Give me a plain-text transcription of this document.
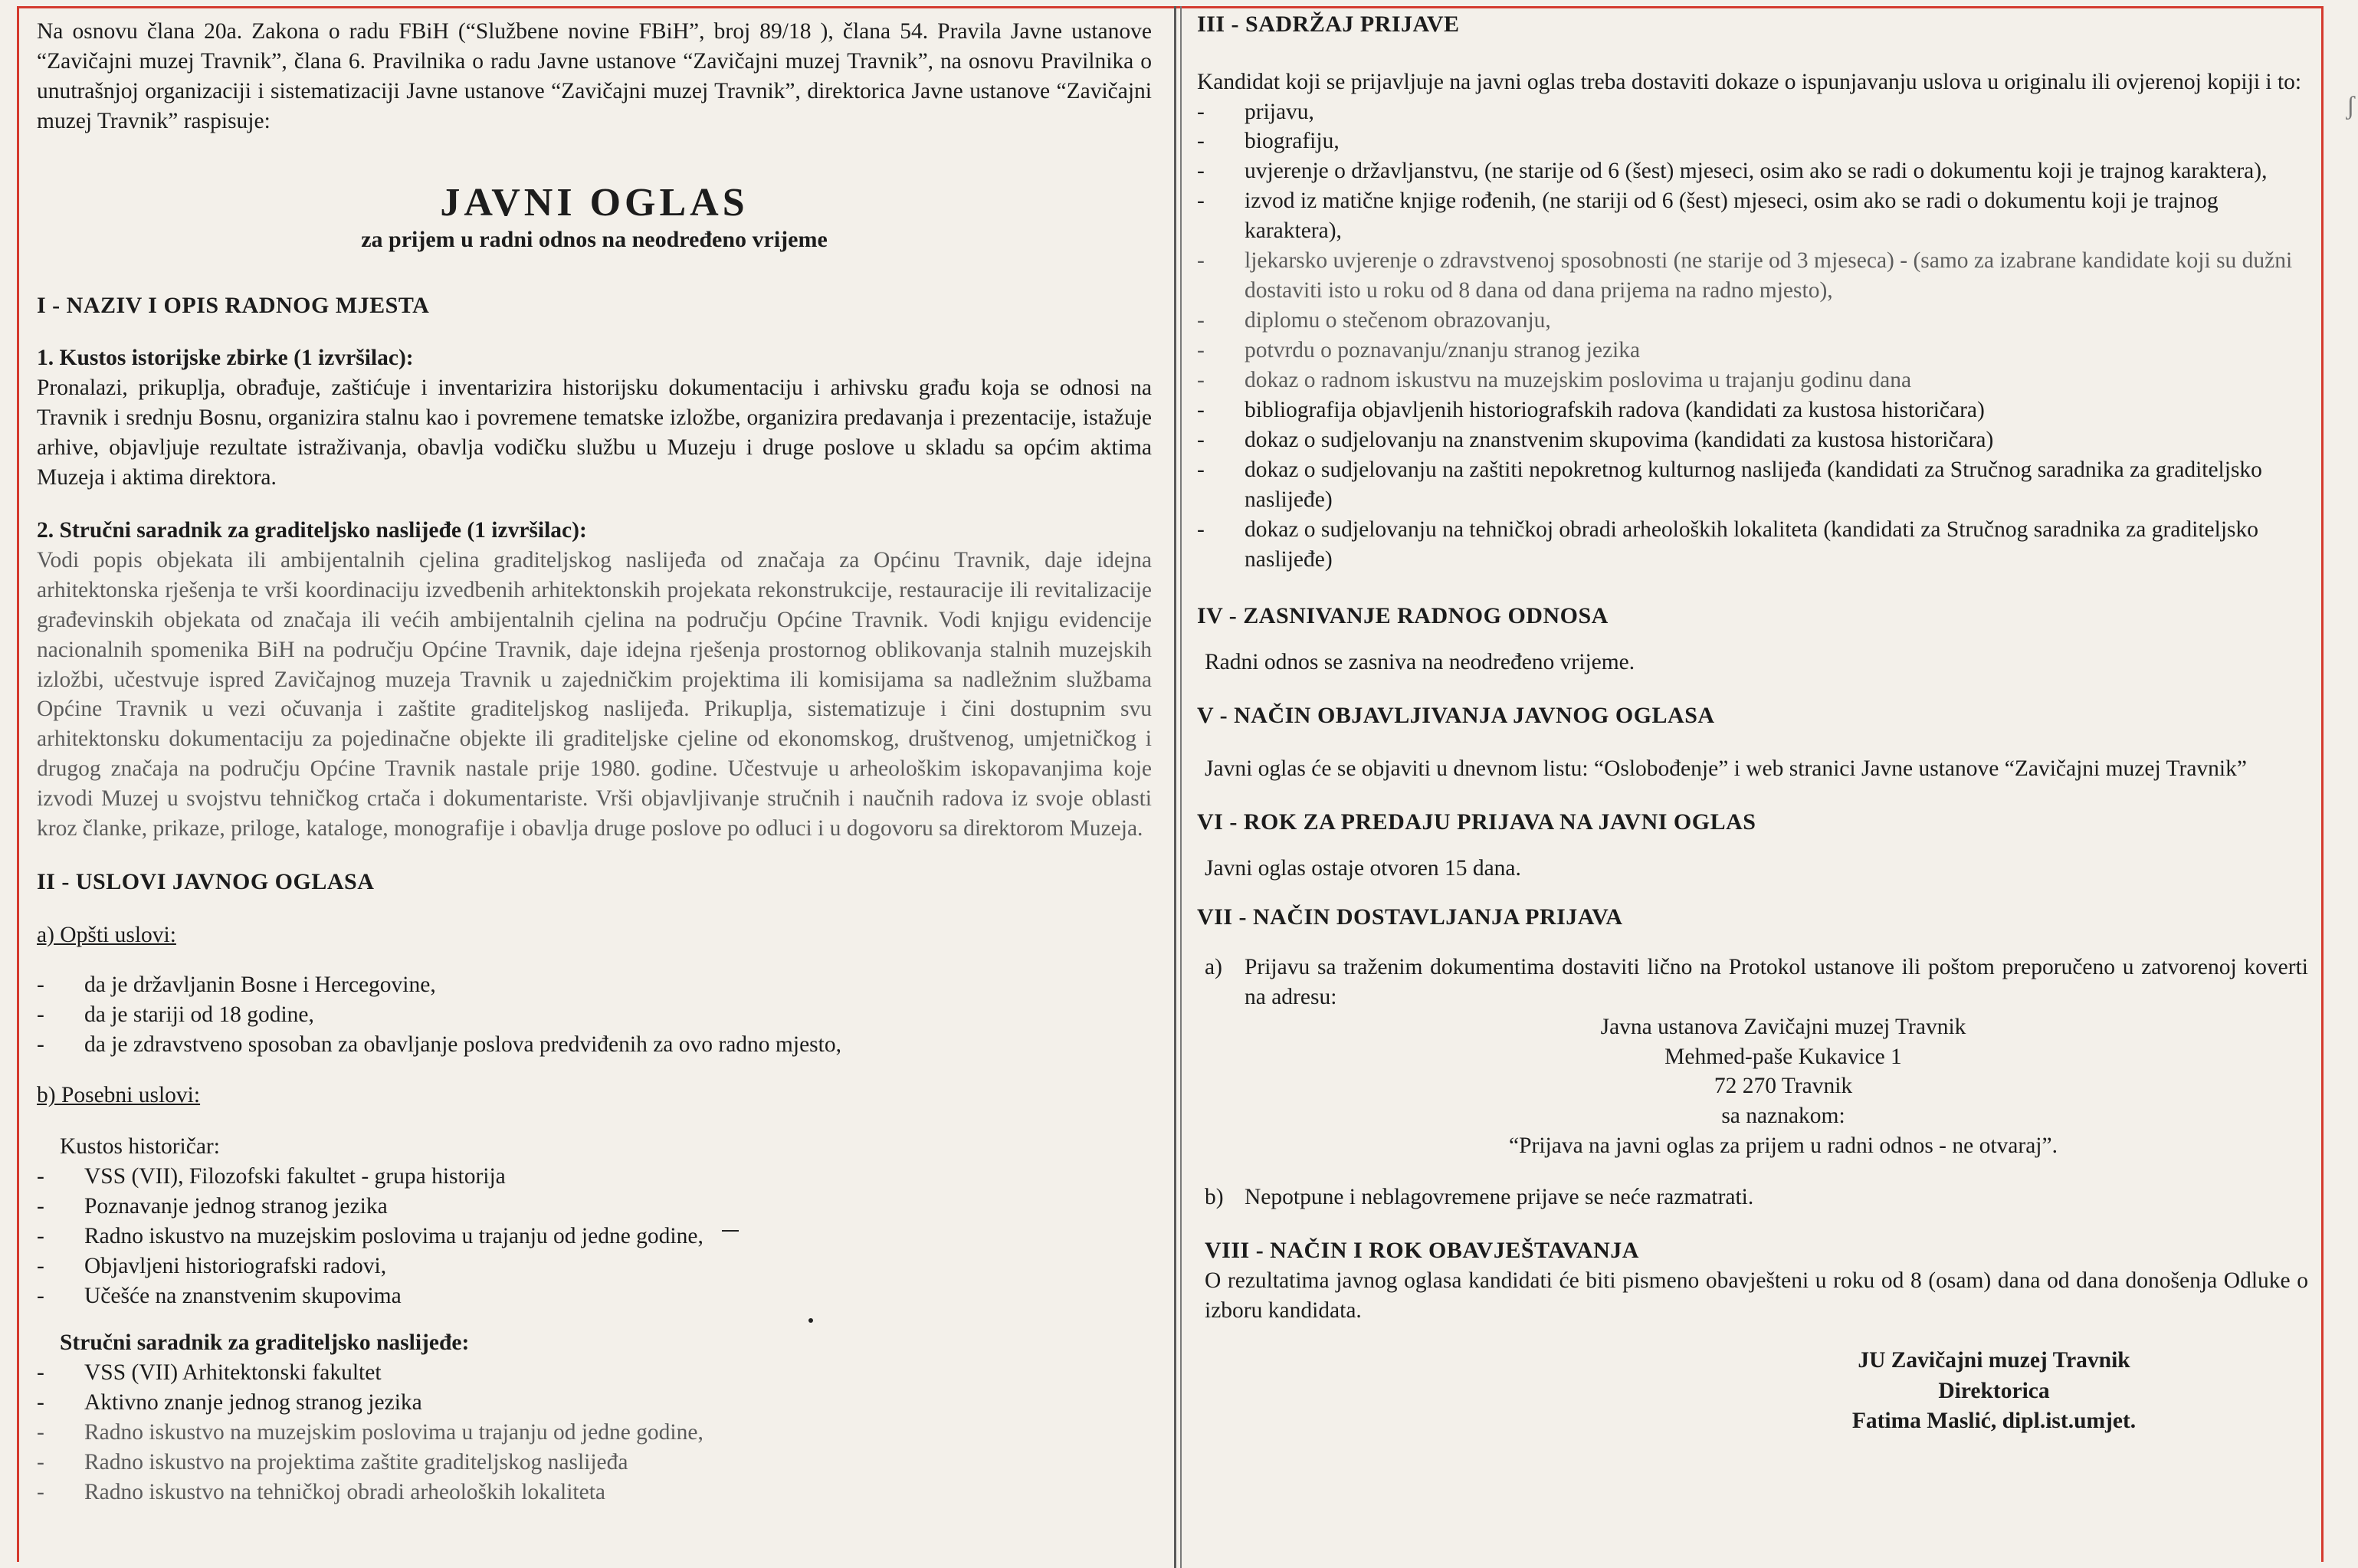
Na osnovu člana 20a. Zakona o radu FBiH (“Službene novine FBiH”, broj 89/18 ), člana 54. Pravila Javne ustanove “Zavičajni muzej Travnik”, člana 6. Pravilnika o radu Javne ustanove “Zavičajni muzej Travnik”, na osnovu Pravilnika o unutrašnjoj organizaciji i sistematizaciji Javne ustanove “Zavičajni muzej Travnik”, direktorica Javne ustanove “Zavičajni muzej Travnik” raspisuje:

JAVNI OGLAS
za prijem u radni odnos na neodređeno vrijeme
I - NAZIV I OPIS RADNOG MJESTA
1. Kustos istorijske zbirke (1 izvršilac):

Pronalazi, prikuplja, obrađuje, zaštićuje i inventarizira historijsku dokumentaciju i arhivsku građu koja se odnosi na Travnik i srednju Bosnu, organizira stalnu kao i povremene tematske izložbe, organizira predavanja i prezentacije, istažuje arhive, objavljuje rezultate istraživanja, obavlja vodičku službu u Muzeju i druge poslove u skladu sa općim aktima Muzeja i aktima direktora.

2. Stručni saradnik za graditeljsko naslijeđe (1 izvršilac):

Vodi popis objekata ili ambijentalnih cjelina graditeljskog naslijeđa od značaja za Općinu Travnik, daje idejna arhitektonska rješenja te vrši koordinaciju izvedbenih arhitektonskih projekata rekonstrukcije, restauracije ili revitalizacije građevinskih objekata od značaja ili većih ambijentalnih cjelina na području Općine Travnik. Vodi knjigu evidencije nacionalnih spomenika BiH na području Općine Travnik, daje idejna rješenja prostornog oblikovanja stalnih muzejskih izložbi, učestvuje ispred Zavičajnog muzeja Travnik u zajedničkim projektima ili komisijama sa nadležnim službama Općine Travnik u vezi očuvanja i zaštite graditeljskog naslijeđa. Prikuplja, sistematizuje i čini dostupnim svu arhitektonsku dokumentaciju za pojedinačne objekte ili graditeljske cjeline od ekonomskog, društvenog, umjetničkog i drugog značaja na području Općine Travnik nastale prije 1980. godine. Učestvuje u arheološkim iskopavanjima koje izvodi Muzej u svojstvu tehničkog crtača i dokumentariste. Vrši objavljivanje stručnih i naučnih radova iz svoje oblasti kroz članke, prikaze, priloge, kataloge, monografije i obavlja druge poslove po odluci i u dogovoru sa direktorom Muzeja.

II - USLOVI JAVNOG OGLASA
a) Opšti uslovi:
- da je državljanin Bosne i Hercegovine,
- da je stariji od 18 godine,
- da je zdravstveno sposoban za obavljanje poslova predviđenih za ovo radno mjesto,
b) Posebni uslovi:
Kustos historičar:
- VSS (VII), Filozofski fakultet - grupa historija
- Poznavanje jednog stranog jezika
- Radno iskustvo na muzejskim poslovima u trajanju od jedne godine,
- Objavljeni historiografski radovi,
- Učešće na znanstvenim skupovima
Stručni saradnik za graditeljsko naslijeđe:
- VSS (VII) Arhitektonski fakultet
- Aktivno znanje jednog stranog jezika
- Radno iskustvo na muzejskim poslovima u trajanju od jedne godine,
- Radno iskustvo na projektima zaštite graditeljskog naslijeđa
- Radno iskustvo na tehničkoj obradi arheoloških lokaliteta
III - SADRŽAJ PRIJAVE

Kandidat koji se prijavljuje na javni oglas treba dostaviti dokaze o ispunjavanju uslova u originalu ili ovjerenoj kopiji i to:

- prijavu,
- biografiju,
- uvjerenje o državljanstvu, (ne starije od 6 (šest) mjeseci, osim ako se radi o dokumentu koji je trajnog karaktera),
- izvod iz matične knjige rođenih, (ne stariji od 6 (šest) mjeseci, osim ako se radi o dokumentu koji je trajnog karaktera),
- ljekarsko uvjerenje o zdravstvenoj sposobnosti (ne starije od 3 mjeseca) - (samo za izabrane kandidate koji su dužni dostaviti isto u roku od 8 dana od dana prijema na radno mjesto),
- diplomu o stečenom obrazovanju,
- potvrdu o poznavanju/znanju stranog jezika
- dokaz o radnom iskustvu na muzejskim poslovima u trajanju godinu dana
- bibliografija objavljenih historiografskih radova (kandidati za kustosa historičara)
- dokaz o sudjelovanju na znanstvenim skupovima (kandidati za kustosa historičara)
- dokaz o sudjelovanju na zaštiti nepokretnog kulturnog naslijeđa (kandidati za Stručnog saradnika za graditeljsko naslijeđe)
- dokaz o sudjelovanju na tehničkoj obradi arheoloških lokaliteta (kandidati za Stručnog saradnika za graditeljsko naslijeđe)
IV - ZASNIVANJE RADNOG ODNOSA

Radni odnos se zasniva na neodređeno vrijeme.

V - NAČIN OBJAVLJIVANJA JAVNOG OGLASA

Javni oglas će se objaviti u dnevnom listu: “Oslobođenje” i web stranici Javne ustanove “Zavičajni muzej Travnik”

VI - ROK ZA PREDAJU PRIJAVA NA JAVNI OGLAS

Javni oglas ostaje otvoren 15 dana.

VII - NAČIN DOSTAVLJANJA PRIJAVA
a) Prijavu sa traženim dokumentima dostaviti lično na Protokol ustanove ili poštom preporučeno u zatvorenoj koverti na adresu:

Javna ustanova Zavičajni muzej Travnik
Mehmed-paše Kukavice 1
72 270 Travnik
sa naznakom:
“Prijava na javni oglas za prijem u radni odnos - ne otvaraj”.
b) Nepotpune i neblagovremene prijave se neće razmatrati.

VIII - NAČIN I ROK OBAVJEŠTAVANJA

O rezultatima javnog oglasa kandidati će biti pismeno obavješteni u roku od 8 (osam) dana od dana donošenja Odluke o izboru kandidata.

JU Zavičajni muzej Travnik
Direktorica
Fatima Maslić, dipl.ist.umjet.
ʃ
